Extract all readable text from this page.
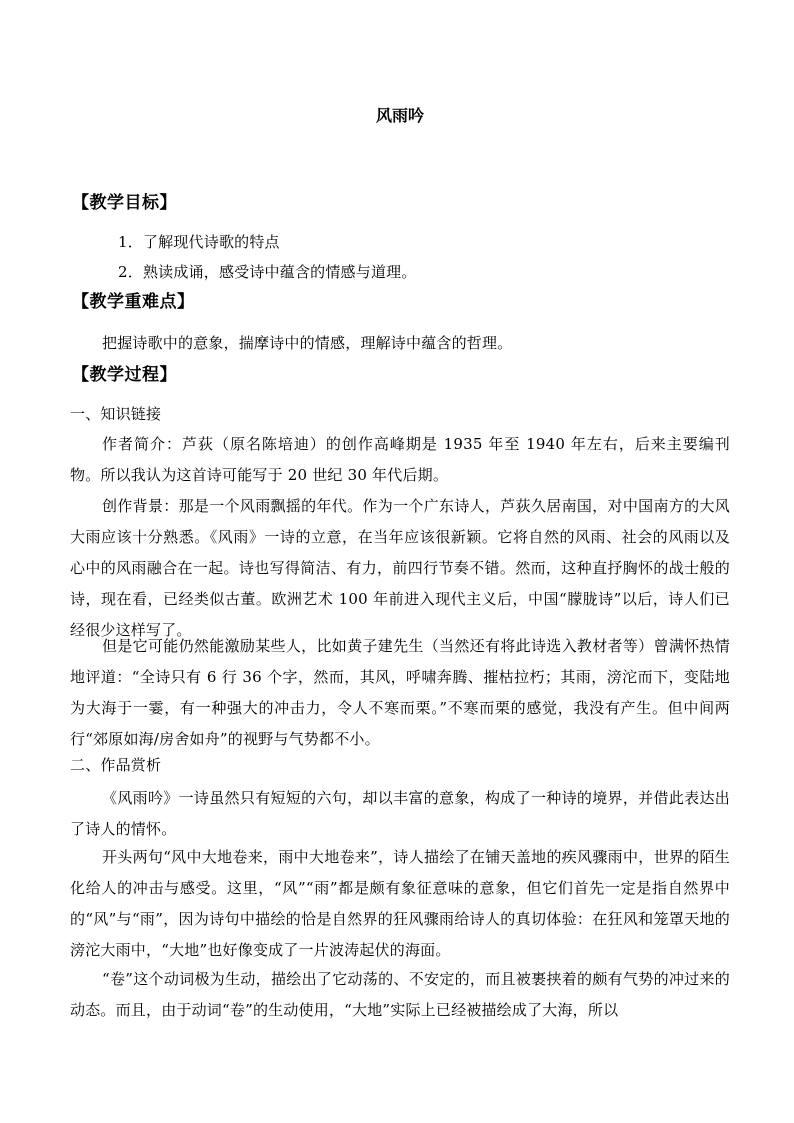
风雨吟
【教学目标】
1．了解现代诗歌的特点
2．熟读成诵，感受诗中蕴含的情感与道理。
【教学重难点】
把握诗歌中的意象，揣摩诗中的情感，理解诗中蕴含的哲理。
【教学过程】
一、知识链接
作者简介：芦荻（原名陈培迪）的创作高峰期是 1935 年至 1940 年左右，后来主要编刊物。所以我认为这首诗可能写于 20 世纪 30 年代后期。
创作背景：那是一个风雨飘摇的年代。作为一个广东诗人，芦荻久居南国，对中国南方的大风大雨应该十分熟悉。《风雨》一诗的立意，在当年应该很新颖。它将自然的风雨、社会的风雨以及心中的风雨融合在一起。诗也写得简洁、有力，前四行节奏不错。然而，这种直抒胸怀的战士般的诗，现在看，已经类似古董。欧洲艺术 100 年前进入现代主义后，中国“朦胧诗”以后，诗人们已经很少这样写了。
但是它可能仍然能激励某些人，比如黄子建先生（当然还有将此诗选入教材者等）曾满怀热情地评道：“全诗只有 6 行 36 个字，然而，其风，呼啸奔腾、摧枯拉朽；其雨，滂沱而下，变陆地为大海于一霎，有一种强大的冲击力，令人不寒而栗。”不寒而栗的感觉，我没有产生。但中间两行“郊原如海/房舍如舟”的视野与气势都不小。
二、作品赏析
《风雨吟》一诗虽然只有短短的六句，却以丰富的意象，构成了一种诗的境界，并借此表达出了诗人的情怀。
开头两句“风中大地卷来，雨中大地卷来”，诗人描绘了在铺天盖地的疾风骤雨中，世界的陌生化给人的冲击与感受。这里，“风”“雨”都是颇有象征意味的意象，但它们首先一定是指自然界中的“风”与“雨”，因为诗句中描绘的恰是自然界的狂风骤雨给诗人的真切体验：在狂风和笼罩天地的滂沱大雨中，“大地”也好像变成了一片波涛起伏的海面。
“卷”这个动词极为生动，描绘出了它动荡的、不安定的，而且被裹挟着的颇有气势的冲过来的动态。而且，由于动词“卷”的生动使用，“大地”实际上已经被描绘成了大海，所以
